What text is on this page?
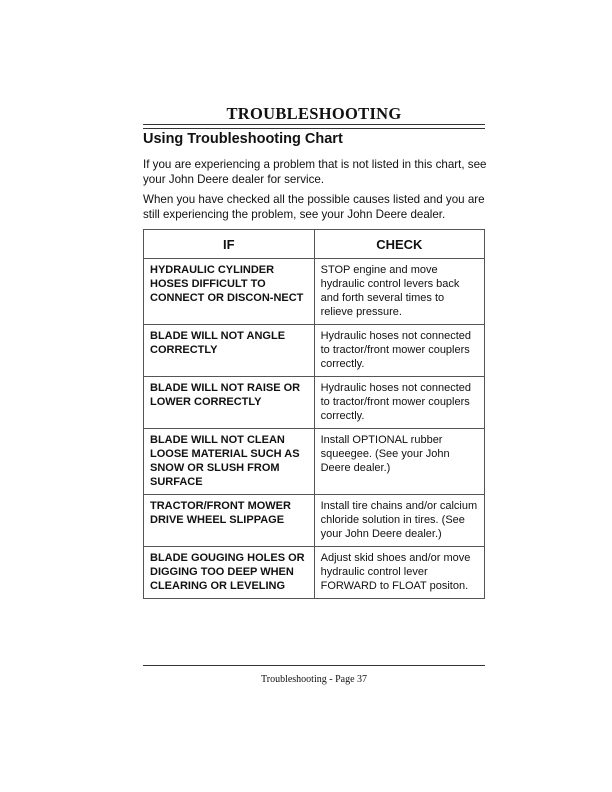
TROUBLESHOOTING
Using Troubleshooting Chart
If you are experiencing a problem that is not listed in this chart, see your John Deere dealer for service.
When you have checked all the possible causes listed and you are still experiencing the problem, see your John Deere dealer.
IF	CHECK
HYDRAULIC CYLINDER HOSES DIFFICULT TO CONNECT OR DISCON-NECT	STOP engine and move hydraulic control levers back and forth several times to relieve pressure.
BLADE WILL NOT ANGLE CORRECTLY	Hydraulic hoses not connected to tractor/front mower couplers correctly.
BLADE WILL NOT RAISE OR LOWER CORRECTLY	Hydraulic hoses not connected to tractor/front mower couplers correctly.
BLADE WILL NOT CLEAN LOOSE MATERIAL SUCH AS SNOW OR SLUSH FROM SURFACE	Install OPTIONAL rubber squeegee. (See your John Deere dealer.)
TRACTOR/FRONT MOWER DRIVE WHEEL SLIPPAGE	Install tire chains and/or calcium chloride solution in tires. (See your John Deere dealer.)
BLADE GOUGING HOLES OR DIGGING TOO DEEP WHEN CLEARING OR LEVELING	Adjust skid shoes and/or move hydraulic control lever FORWARD to FLOAT positon.
Troubleshooting - Page 37
